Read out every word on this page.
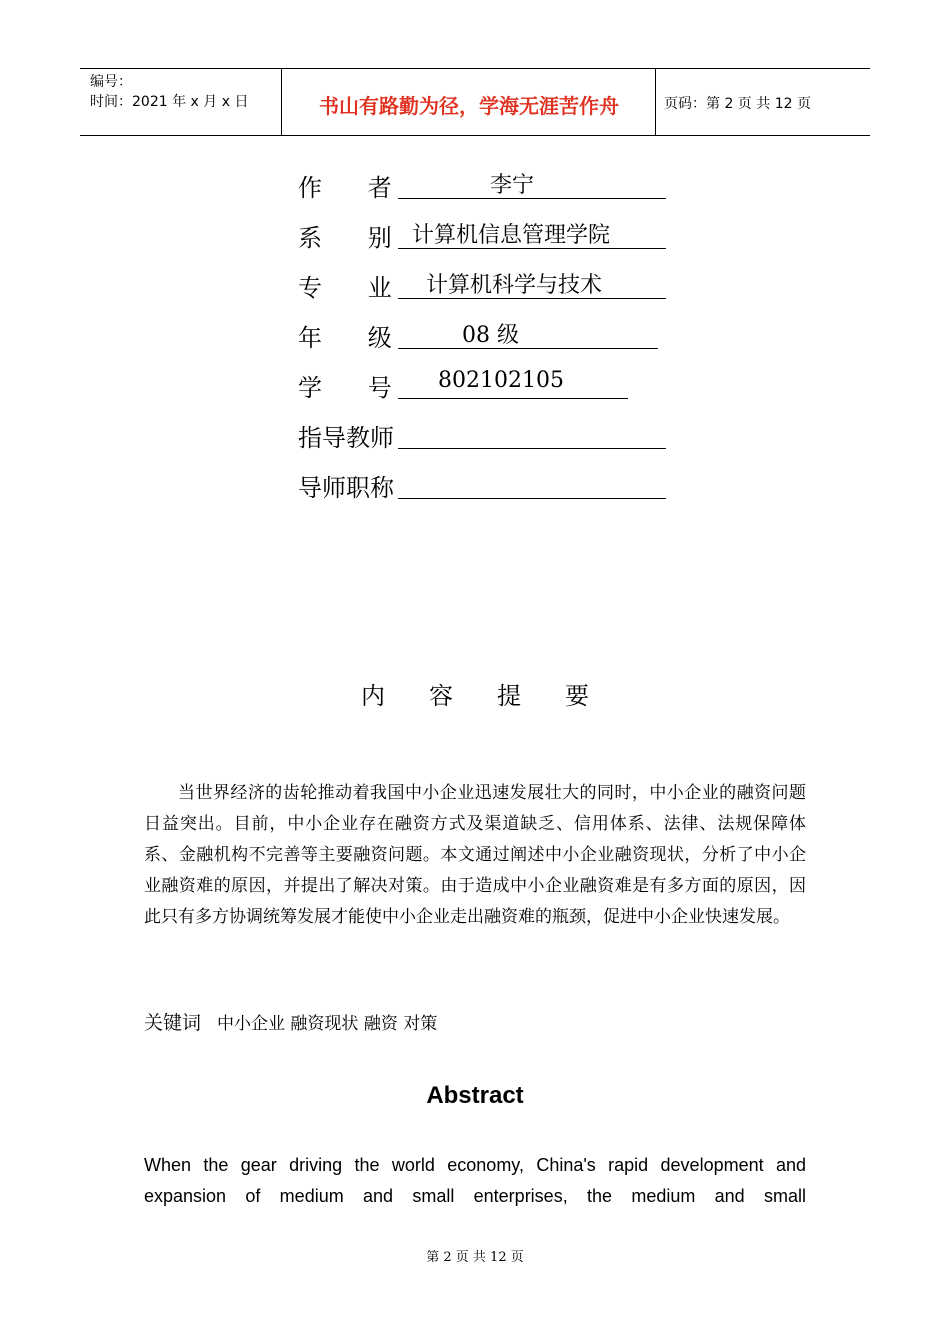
编号：
时间：2021 年 x 月 x 日	书山有路勤为径，学海无涯苦作舟	页码：第 2 页 共 12 页
作      者	李宁
系      别 计算机信息管理学院
专      业 计算机科学与技术
年      级	08 级
学      号 802102105
指导教师
导师职称
内容提要
当世界经济的齿轮推动着我国中小企业迅速发展壮大的同时，中小企业的融资问题日益突出。目前，中小企业存在融资方式及渠道缺乏、信用体系、法律、法规保障体系、金融机构不完善等主要融资问题。本文通过阐述中小企业融资现状，分析了中小企业融资难的原因，并提出了解决对策。由于造成中小企业融资难是有多方面的原因，因此只有多方协调统筹发展才能使中小企业走出融资难的瓶颈，促进中小企业快速发展。
关键词 中小企业 融资现状 融资 对策
Abstract
When the gear driving the world economy, China's rapid development and expansion of medium and small enterprises, the medium and small
第 2 页 共 12 页
